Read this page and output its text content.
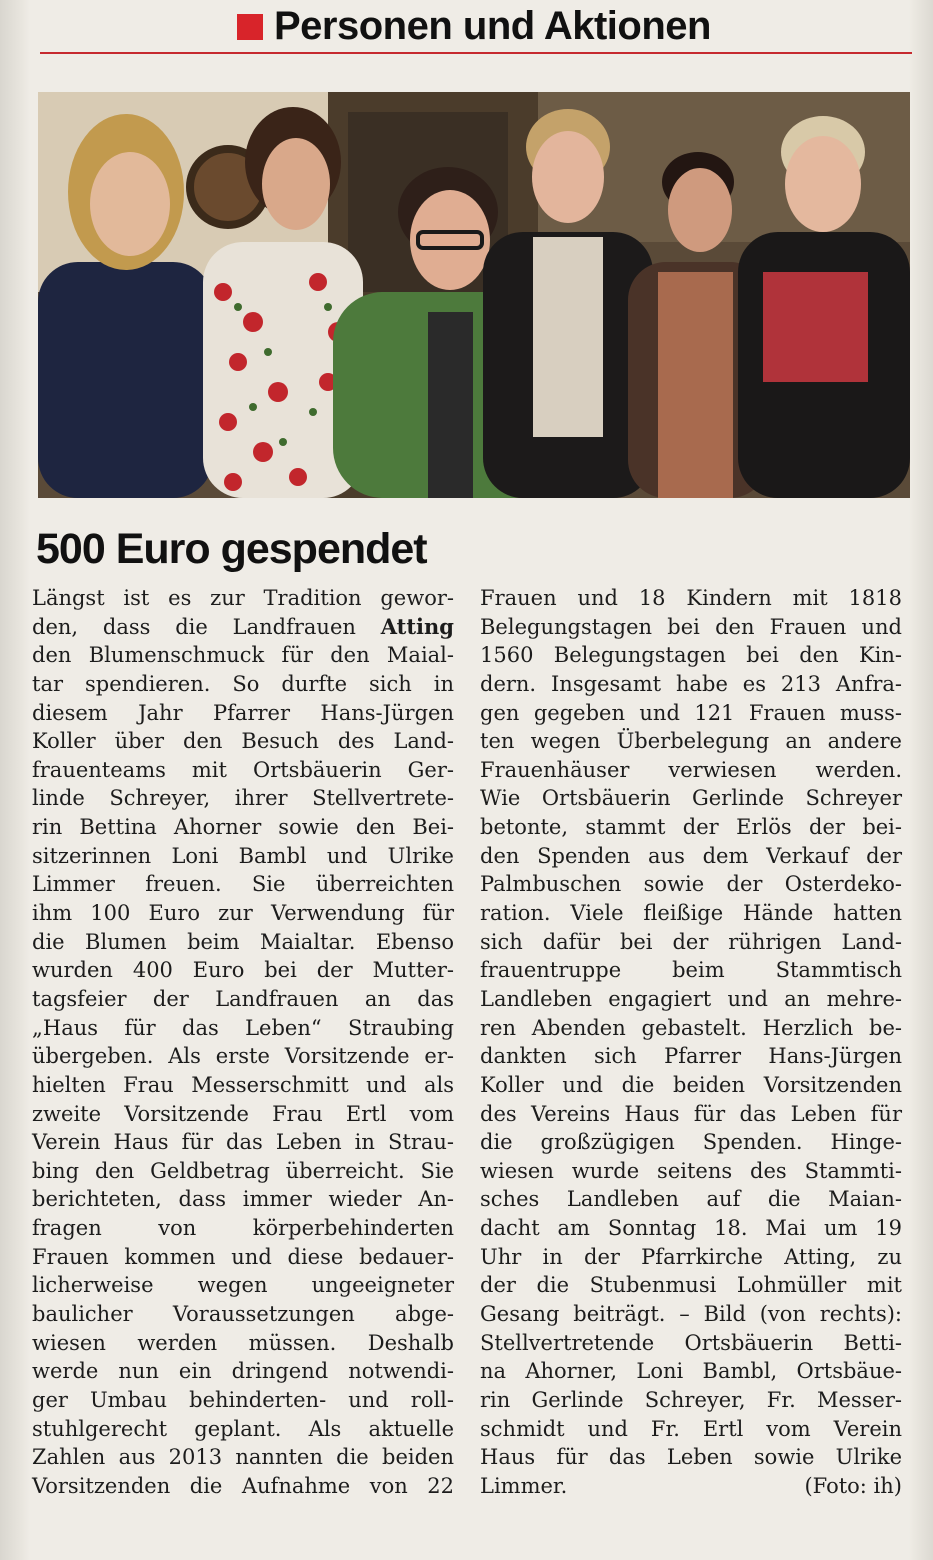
Personen und Aktionen
500 Euro gespendet
Längst ist es zur Tradition gewor-
den, dass die Landfrauen Atting
den Blumenschmuck für den Maial-
tar spendieren. So durfte sich in
diesem Jahr Pfarrer Hans-Jürgen
Koller über den Besuch des Land-
frauenteams mit Ortsbäuerin Ger-
linde Schreyer, ihrer Stellvertrete-
rin Bettina Ahorner sowie den Bei-
sitzerinnen Loni Bambl und Ulrike
Limmer freuen. Sie überreichten
ihm 100 Euro zur Verwendung für
die Blumen beim Maialtar. Ebenso
wurden 400 Euro bei der Mutter-
tagsfeier der Landfrauen an das
„Haus für das Leben“ Straubing
übergeben. Als erste Vorsitzende er-
hielten Frau Messerschmitt und als
zweite Vorsitzende Frau Ertl vom
Verein Haus für das Leben in Strau-
bing den Geldbetrag überreicht. Sie
berichteten, dass immer wieder An-
fragen von körperbehinderten
Frauen kommen und diese bedauer-
licherweise wegen ungeeigneter
baulicher Voraussetzungen abge-
wiesen werden müssen. Deshalb
werde nun ein dringend notwendi-
ger Umbau behinderten- und roll-
stuhlgerecht geplant. Als aktuelle
Zahlen aus 2013 nannten die beiden
Vorsitzenden die Aufnahme von 22
Frauen und 18 Kindern mit 1818
Belegungstagen bei den Frauen und
1560 Belegungstagen bei den Kin-
dern. Insgesamt habe es 213 Anfra-
gen gegeben und 121 Frauen muss-
ten wegen Überbelegung an andere
Frauenhäuser verwiesen werden.
Wie Ortsbäuerin Gerlinde Schreyer
betonte, stammt der Erlös der bei-
den Spenden aus dem Verkauf der
Palmbuschen sowie der Osterdeko-
ration. Viele fleißige Hände hatten
sich dafür bei der rührigen Land-
frauentruppe beim Stammtisch
Landleben engagiert und an mehre-
ren Abenden gebastelt. Herzlich be-
dankten sich Pfarrer Hans-Jürgen
Koller und die beiden Vorsitzenden
des Vereins Haus für das Leben für
die großzügigen Spenden. Hinge-
wiesen wurde seitens des Stammti-
sches Landleben auf die Maian-
dacht am Sonntag 18. Mai um 19
Uhr in der Pfarrkirche Atting, zu
der die Stubenmusi Lohmüller mit
Gesang beiträgt. – Bild (von rechts):
Stellvertretende Ortsbäuerin Betti-
na Ahorner, Loni Bambl, Ortsbäue-
rin Gerlinde Schreyer, Fr. Messer-
schmidt und Fr. Ertl vom Verein
Haus für das Leben sowie Ulrike
Limmer.	(Foto: ih)
